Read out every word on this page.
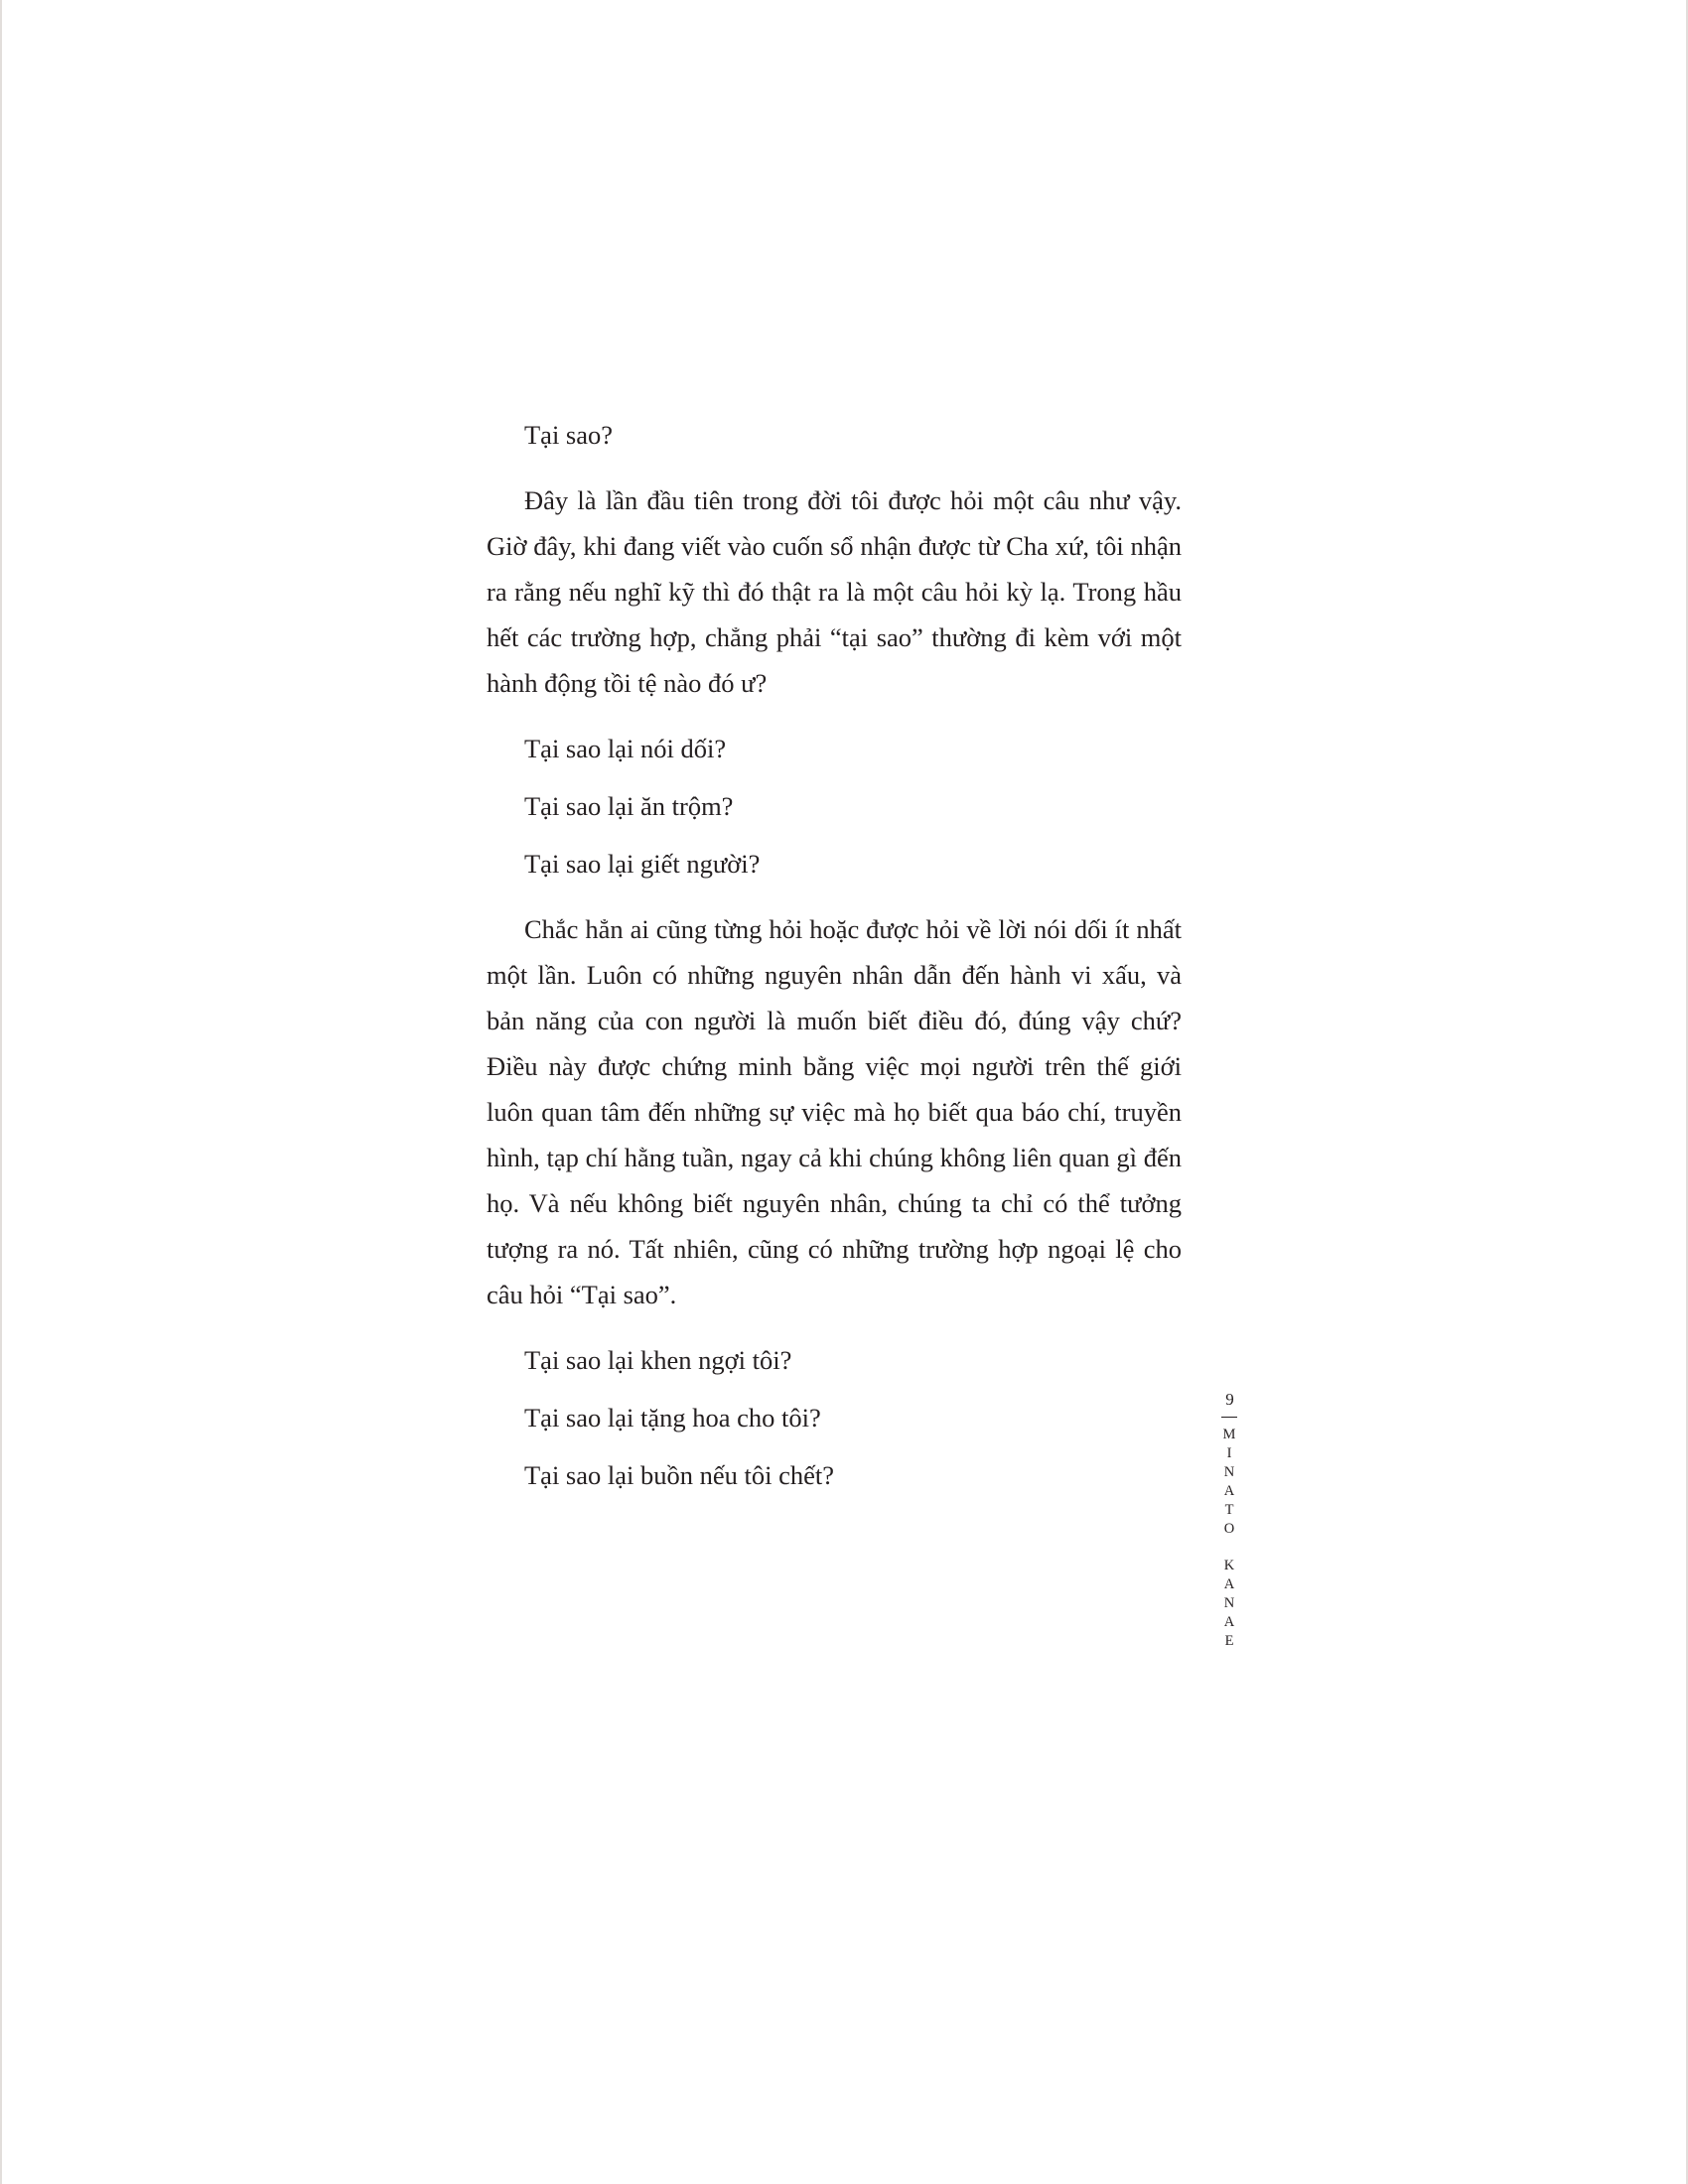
Tại sao?

Đây là lần đầu tiên trong đời tôi được hỏi một câu như vậy. Giờ đây, khi đang viết vào cuốn sổ nhận được từ Cha xứ, tôi nhận ra rằng nếu nghĩ kỹ thì đó thật ra là một câu hỏi kỳ lạ. Trong hầu hết các trường hợp, chẳng phải “tại sao” thường đi kèm với một hành động tồi tệ nào đó ư?

Tại sao lại nói dối?

Tại sao lại ăn trộm?

Tại sao lại giết người?

Chắc hẳn ai cũng từng hỏi hoặc được hỏi về lời nói dối ít nhất một lần. Luôn có những nguyên nhân dẫn đến hành vi xấu, và bản năng của con người là muốn biết điều đó, đúng vậy chứ? Điều này được chứng minh bằng việc mọi người trên thế giới luôn quan tâm đến những sự việc mà họ biết qua báo chí, truyền hình, tạp chí hằng tuần, ngay cả khi chúng không liên quan gì đến họ. Và nếu không biết nguyên nhân, chúng ta chỉ có thể tưởng tượng ra nó. Tất nhiên, cũng có những trường hợp ngoại lệ cho câu hỏi “Tại sao”.

Tại sao lại khen ngợi tôi?

Tại sao lại tặng hoa cho tôi?

Tại sao lại buồn nếu tôi chết?

9
MINATO
KANAE
